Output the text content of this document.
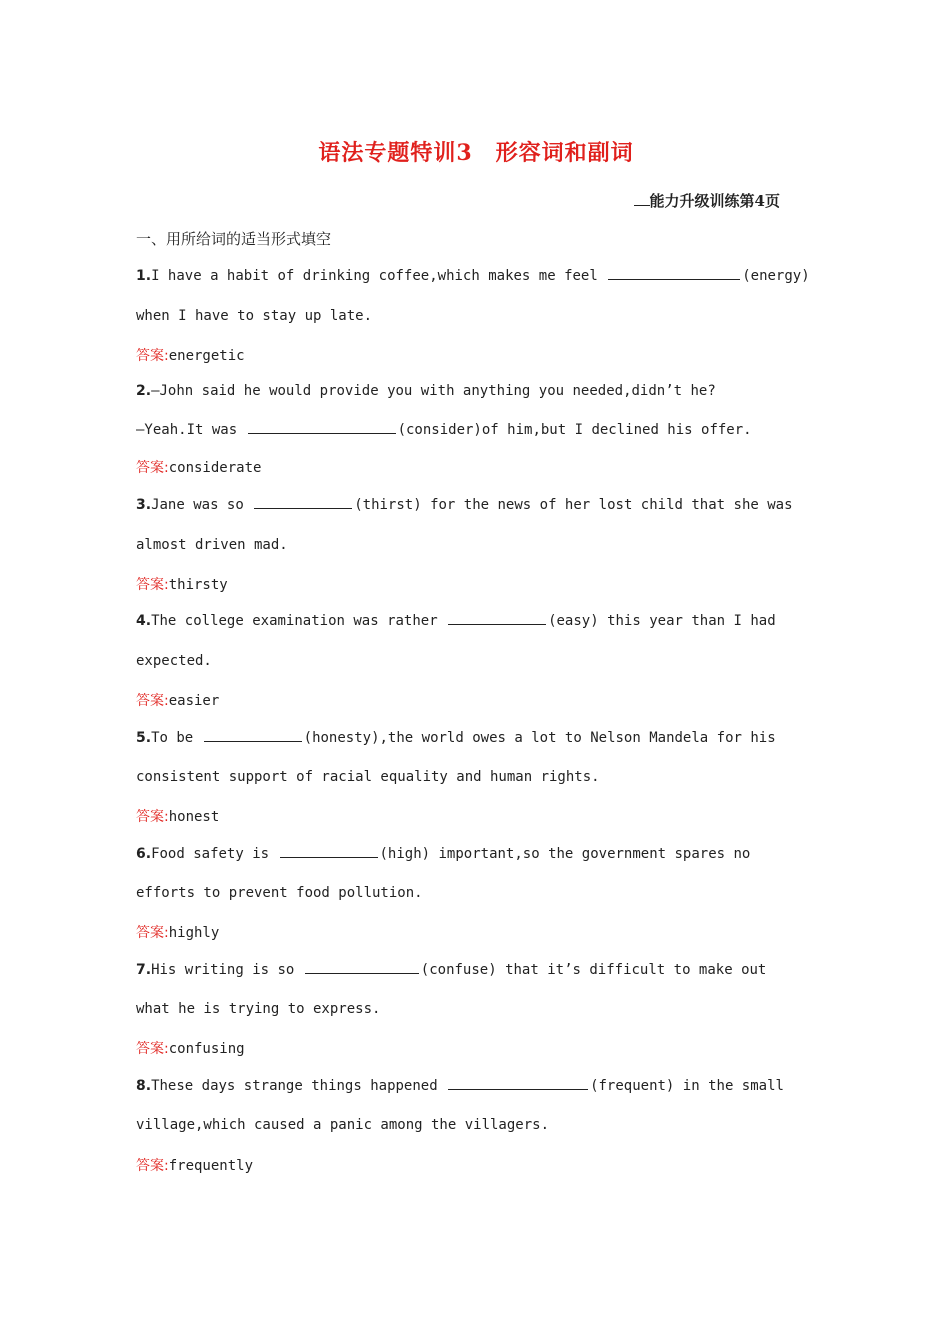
语法专题特训3　形容词和副词
能力升级训练第4页
一、用所给词的适当形式填空
1.I have a habit of drinking coffee,which makes me feel	(energy)
when I have to stay up late.
答案:energetic
2.—John said he would provide you with anything you needed,didn’t he?
—Yeah.It was	(consider)of him,but I declined his offer.
答案:considerate
3.Jane was so	(thirst) for the news of her lost child that she was
almost driven mad.
答案:thirsty
4.The college examination was rather	(easy) this year than I had
expected.
答案:easier
5.To be	(honesty),the world owes a lot to Nelson Mandela for his
consistent support of racial equality and human rights.
答案:honest
6.Food safety is	(high) important,so the government spares no
efforts to prevent food pollution.
答案:highly
7.His writing is so	(confuse) that it’s difficult to make out
what he is trying to express.
答案:confusing
8.These days strange things happened	(frequent) in the small
village,which caused a panic among the villagers.
答案:frequently
